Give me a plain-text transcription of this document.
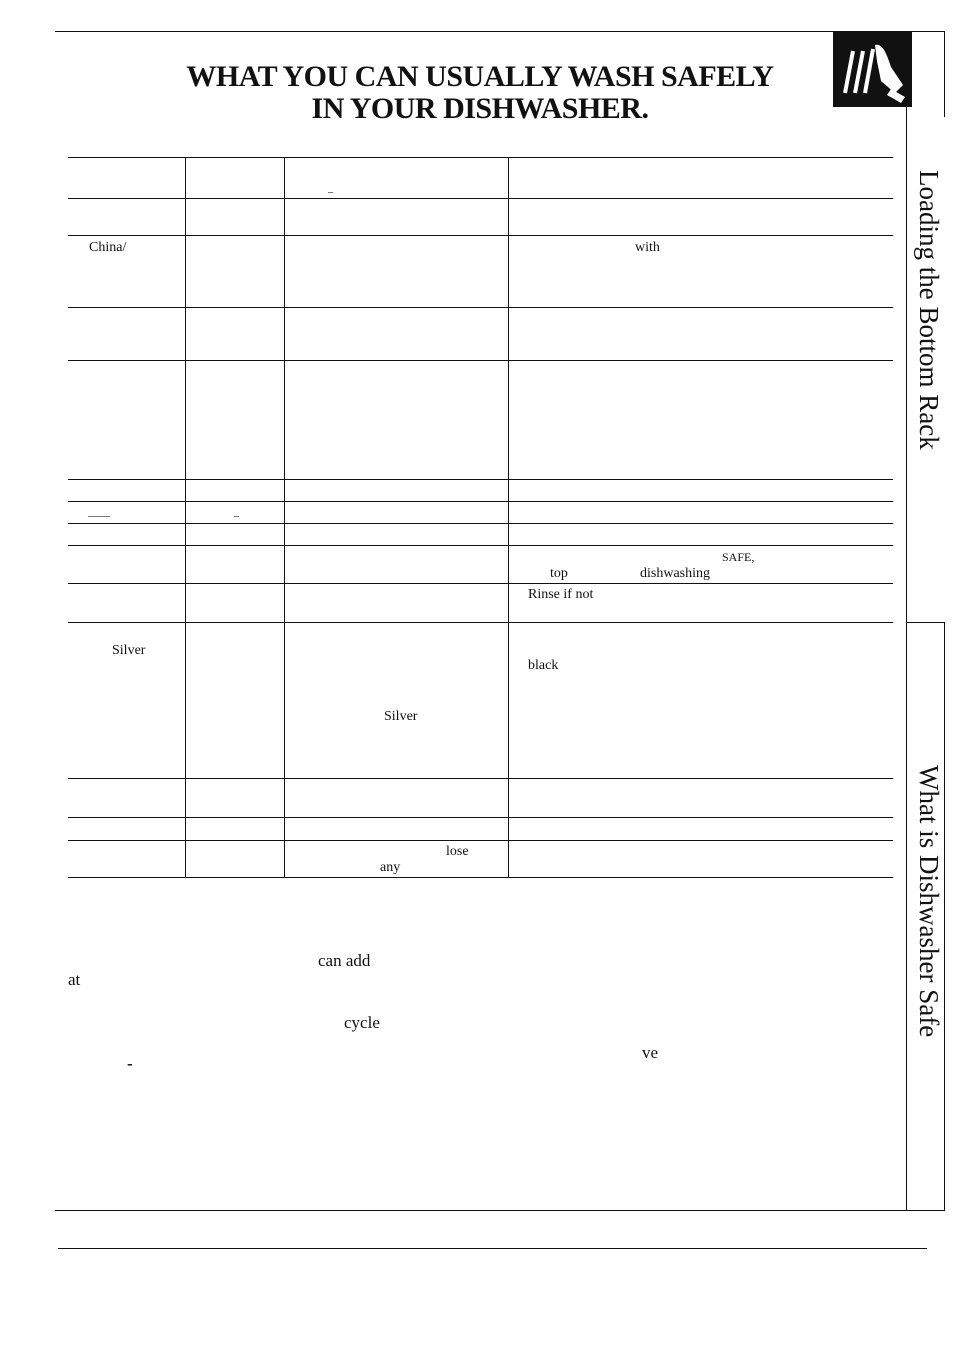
WHAT YOU CAN USUALLY WASH SAFELY
IN YOUR DISHWASHER.
Loading the Bottom Rack
What is Dishwasher Safe
China/	with
SAFE,
top	dishwashing
Rinse if not
Silver
black
Silver
lose
any
can add
at
cycle
ve
-
